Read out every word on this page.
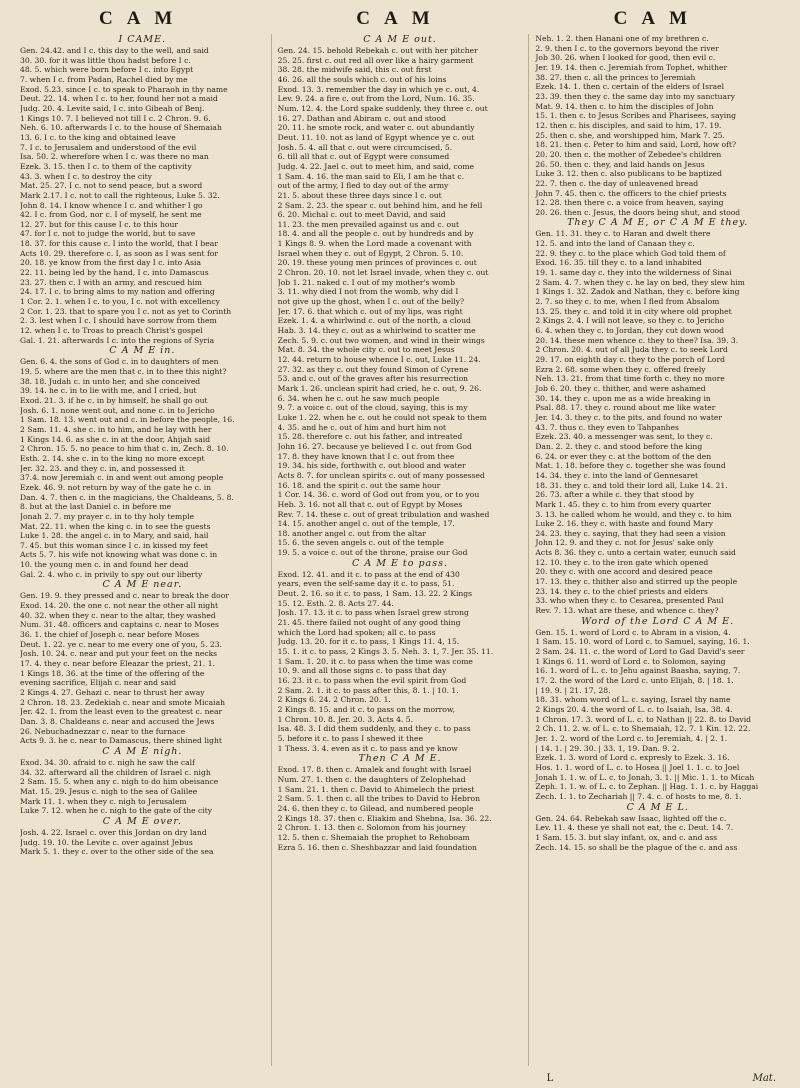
CAM	CAM	CAM
I CAME.
Gen. 24.42. and I c. this day to the well, and said
30. 30. for it was little thou hadst before I c.
48. 5. which were born before I c. into Egypt
7. when I c. from Padan, Rachel died by me
Exod. 5.23. since I c. to speak to Pharaoh in thy name
Deut. 22. 14. when I c. to her, found her not a maid
Judg. 20. 4. Levite said, I c. into Gibeah of Benj.
1 Kings 10. 7. I believed not till I c. 2 Chron. 9. 6.
Neh. 6. 10. afterwards I c. to the house of Shemaiah
13. 6. I c. to the king and obtained leave
7. I c. to Jerusalem and understood of the evil
Isa. 50. 2. wherefore when I c. was there no man
Ezek. 3. 15. then I c. to them of the captivity
43. 3. when I c. to destroy the city
Mat. 25. 27. I c. not to send peace, but a sword
Mark 2.17. I c. not to call the righteous, Luke 5. 32.
John 8. 14. I know whence I c. and whither I go
42. I c. from God, nor c. I of myself, he sent me
12. 27. but for this cause I c. to this hour
47. for I c. not to judge the world, but to save
18. 37. for this cause c. I into the world, that I bear
Acts 10. 29. therefore c. I, as soon as I was sent for
20. 18. ye know from the first day I c. into Asia
22. 11. being led by the hand, I c. into Damascus
23. 27. then c. I with an army, and rescued him
24. 17. I c. to bring alms to my nation and offering
1 Cor. 2. 1. when I c. to you, I c. not with excellency
2 Cor. 1. 23. that to spare you I c. not as yet to Corinth
2. 3. lest when I c. I should have sorrow from them
12. when I c. to Troas to preach Christ's gospel
Gal. 1. 21. afterwards I c. into the regions of Syria
C A M E in.
Gen. 6. 4. the sons of God c. in to daughters of men
19. 5. where are the men that c. in to thee this night?
38. 18. Judah c. in unto her, and she conceived
39. 14. he c. in to lie with me, and I cried, but
Exod. 21. 3. if he c. in by himself, he shall go out
Josh. 6. 1. none went out, and none c. in to Jericho
1 Sam. 18. 13. went out and c. in before the people, 16.
2 Sam. 11. 4. she c. in to him, and he lay with her
1 Kings 14. 6. as she c. in at the door, Ahijah said
2 Chron. 15. 5. no peace to him that c. in, Zech. 8. 10.
Esth. 2. 14. she c. in to the king no more except
Jer. 32. 23. and they c. in, and possessed it
37.4. now Jeremiah c. in and went out among people
Ezek. 46. 9. not return by way of the gate he c. in
Dan. 4. 7. then c. in the magicians, the Chaldeans, 5. 8.
8. but at the last Daniel c. in before me
Jonah 2. 7. my prayer c. in to thy holy temple
Mat. 22. 11. when the king c. in to see the guests
Luke 1. 28. the angel c. in to Mary, and said, hail
7. 45. but this woman since I c. in kissed my feet
Acts 5. 7. his wife not knowing what was done c. in
10. the young men c. in and found her dead
Gal. 2. 4. who c. in privily to spy out our liberty
C A M E near.
Gen. 19. 9. they pressed and c. near to break the door
Exod. 14. 20. the one c. not near the other all night
40. 32. when they c. near to the altar, they washed
Num. 31. 48. officers and captains c. near to Moses
36. 1. the chief of Joseph c. near before Moses
Deut. 1. 22. ye c. near to me every one of you, 5. 23.
Josh. 10. 24. c. near and put your feet on the necks
17. 4. they c. near before Eleazar the priest, 21. 1.
1 Kings 18. 36. at the time of the offering of the
evening sacrifice, Elijah c. near and said
2 Kings 4. 27. Gehazi c. near to thrust her away
2 Chron. 18. 23. Zedekiah c. near and smote Micaiah
Jer. 42. 1. from the least even to the greatest c. near
Dan. 3. 8. Chaldeans c. near and accused the Jews
26. Nebuchadnezzar c. near to the furnace
Acts 9. 3. he c. near to Damascus, there shined light
C A M E nigh.
Exod. 34. 30. afraid to c. nigh he saw the calf
34. 32. afterward all the children of Israel c. nigh
2 Sam. 15. 5. when any c. nigh to do him obeisance
Mat. 15. 29. Jesus c. nigh to the sea of Galilee
Mark 11. 1. when they c. nigh to Jerusalem
Luke 7. 12. when he c. nigh to the gate of the city
C A M E over.
Josh. 4. 22. Israel c. over this Jordan on dry land
Judg. 19. 10. the Levite c. over against Jebus
Mark 5. 1. they c. over to the other side of the sea
C A M E out.
Gen. 24. 15. behold Rebekah c. out with her pitcher
25. 25. first c. out red all over like a hairy garment
38. 28. the midwife said, this c. out first
46. 26. all the souls which c. out of his loins
Exod. 13. 3. remember the day in which ye c. out, 4.
Lev. 9. 24. a fire c. out from the Lord, Num. 16. 35.
Num. 12. 4. the Lord spake suddenly, they three c. out
16. 27. Dathan and Abiram c. out and stood
20. 11. he smote rock, and water c. out abundantly
Deut. 11. 10. not as land of Egypt whence ye c. out
Josh. 5. 4. all that c. out were circumcised, 5.
6. till all that c. out of Egypt were consumed
Judg. 4. 22. Jael c. out to meet him, and said, come
1 Sam. 4. 16. the man said to Eli, I am he that c.
out of the army, I fled to day out of the army
21. 5. about these three days since I c. out
2 Sam. 2. 23. the spear c. out behind him, and he fell
6. 20. Michal c. out to meet David, and said
11. 23. the men prevailed against us and c. out
18. 4. and all the people c. out by hundreds and by
1 Kings 8. 9. when the Lord made a covenant with
Israel when they c. out of Egypt, 2 Chron. 5. 10.
20. 19. these young men princes of provinces c. out
2 Chron. 20. 10. not let Israel invade, when they c. out
Job 1. 21. naked c. I out of my mother's womb
3. 11. why died I not from the womb, why did I
not give up the ghost, when I c. out of the belly?
Jer. 17. 6. that which c. out of my lips, was right
Ezek. 1. 4. a whirlwind c. out of the north, a cloud
Hab. 3. 14. they c. out as a whirlwind to scatter me
Zech. 5. 9. c. out two women, and wind in their wings
Mat. 8. 34. the whole city c. out to meet Jesus
12. 44. return to house whence I c. out, Luke 11. 24.
27. 32. as they c. out they found Simon of Cyrene
53. and c. out of the graves after his resurrection
Mark 1. 26. unclean spirit had cried, he c. out, 9. 26.
6. 34. when he c. out he saw much people
9. 7. a voice c. out of the cloud, saying, this is my
Luke 1. 22. when he c. out he could not speak to them
4. 35. and he c. out of him and hurt him not
15. 28. therefore c. out his father, and intreated
John 16. 27. because ye believed I c. out from God
17. 8. they have known that I c. out from thee
19. 34. his side, forthwith c. out blood and water
Acts 8. 7. for unclean spirits c. out of many possessed
16. 18. and the spirit c. out the same hour
1 Cor. 14. 36. c. word of God out from you, or to you
Heb. 3. 16. not all that c. out of Egypt by Moses
Rev. 7. 14. these c. out of great tribulation and washed
14. 15. another angel c. out of the temple, 17.
18. another angel c. out from the altar
15. 6. the seven angels c. out of the temple
19. 5. a voice c. out of the throne, praise our God
C A M E to pass.
Exod. 12. 41. and it c. to pass at the end of 430
years, even the self-same day it c. to pass, 51.
Deut. 2. 16. so it c. to pass, 1 Sam. 13. 22. 2 Kings
15. 12. Esth. 2. 8. Acts 27. 44.
Josh. 17. 13. it c. to pass when Israel grew strong
21. 45. there failed not ought of any good thing
which the Lord had spoken; all c. to pass
Judg. 13. 20. for it c. to pass, 1 Kings 11. 4, 15.
15. 1. it c. to pass, 2 Kings 3. 5. Neh. 3. 1, 7. Jer. 35. 11.
1 Sam. 1. 20. it c. to pass when the time was come
10. 9. and all those signs c. to pass that day
16. 23. it c. to pass when the evil spirit from God
2 Sam. 2. 1. it c. to pass after this, 8. 1. | 10. 1.
2 Kings 6. 24. 2 Chron. 20. 1.
2 Kings 8. 15. and it c. to pass on the morrow,
1 Chron. 10. 8. Jer. 20. 3. Acts 4. 5.
Isa. 48. 3. I did them suddenly, and they c. to pass
5. before it c. to pass I shewed it thee
1 Thess. 3. 4. even as it c. to pass and ye know
Then C A M E.
Exod. 17. 8. then c. Amalek and fought with Israel
Num. 27. 1. then c. the daughters of Zelophehad
1 Sam. 21. 1. then c. David to Ahimelech the priest
2 Sam. 5. 1. then c. all the tribes to David to Hebron
24. 6. then they c. to Gilead, and numbered people
2 Kings 18. 37. then c. Eliakim and Shebna, Isa. 36. 22.
2 Chron. 1. 13. then c. Solomon from his journey
12. 5. then c. Shemaiah the prophet to Rehoboam
Ezra 5. 16. then c. Sheshbazzar and laid foundation
Neh. 1. 2. then Hanani one of my brethren c.
2. 9. then I c. to the governors beyond the river
Job 30. 26. when I looked for good, then evil c.
Jer. 19. 14. then c. Jeremiah from Tophet, whither
38. 27. then c. all the princes to Jeremiah
Ezek. 14. 1. then c. certain of the elders of Israel
23. 39. then they c. the same day into my sanctuary
Mat. 9. 14. then c. to him the disciples of John
15. 1. then c. to Jesus Scribes and Pharisees, saying
12. then c. his disciples, and said to him, 17. 19.
25. then c. she, and worshipped him, Mark 7. 25.
18. 21. then c. Peter to him and said, Lord, how oft?
20. 20. then c. the mother of Zebedee's children
26. 50. then c. they, and laid hands on Jesus
Luke 3. 12. then c. also publicans to be baptized
22. 7. then c. the day of unleavened bread
John 7. 45. then c. the officers to the chief priests
12. 28. then there c. a voice from heaven, saying
20. 26. then c. Jesus, the doors being shut, and stood
They C A M E, or C A M E they.
Gen. 11. 31. they c. to Haran and dwelt there
12. 5. and into the land of Canaan they c.
22. 9. they c. to the place which God told them of
Exod. 16. 35. till they c. to a land inhabited
19. 1. same day c. they into the wilderness of Sinai
2 Sam. 4. 7. when they c. he lay on bed, they slew him
1 Kings 1. 32. Zadok and Nathan, they c. before king
2. 7. so they c. to me, when I fled from Absalom
13. 25. they c. and told it in city where old prophet
2 Kings 2. 4. I will not leave, so they c. to Jericho
6. 4. when they c. to Jordan, they cut down wood
20. 14. these men whence c. they to thee? Isa. 39. 3.
2 Chron. 20. 4. out of all Juda they c. to seek Lord
29. 17. on eighth day c. they to the porch of Lord
Ezra 2. 68. some when they c. offered freely
Neh. 13. 21. from that time forth c. they no more
Job 6. 20. they c. thither, and were ashamed
30. 14. they c. upon me as a wide breaking in
Psal. 88. 17. they c. round about me like water
Jer. 14. 3. they c. to the pits, and found no water
43. 7. thus c. they even to Tahpanhes
Ezek. 23. 40. a messenger was sent, lo they c.
Dan. 2. 2. they c. and stood before the king
6. 24. or ever they c. at the bottom of the den
Mat. 1. 18. before they c. together she was found
14. 34. they c. into the land of Gennesaret
18. 31. they c. and told their lord all, Luke 14. 21.
26. 73. after a while c. they that stood by
Mark 1. 45. they c. to him from every quarter
3. 13. he called whom he would, and they c. to him
Luke 2. 16. they c. with haste and found Mary
24. 23. they c. saying, that they had seen a vision
John 12. 9. and they c. not for Jesus' sake only
Acts 8. 36. they c. unto a certain water, eunuch said
12. 10. they c. to the iron gate which opened
20. they c. with one accord and desired peace
17. 13. they c. thither also and stirred up the people
23. 14. they c. to the chief priests and elders
33. who when they c. to Cesarea, presented Paul
Rev. 7. 13. what are these, and whence c. they?
Word of the Lord C A M E.
Gen. 15. 1. word of Lord c. to Abram in a vision, 4.
1 Sam. 15. 10. word of Lord c. to Samuel, saying, 16. 1.
2 Sam. 24. 11. c. the word of Lord to Gad David's seer
1 Kings 6. 11. word of Lord c. to Solomon, saying
16. 1. word of L. c. to Jehu against Baasha, saying, 7.
17. 2. the word of the Lord c. unto Elijah, 8. | 18. 1.
| 19. 9. | 21. 17, 28.
18. 31. whom word of L. c. saying, Israel thy name
2 Kings 20. 4. the word of L. c. to Isaiah, Isa. 38. 4.
1 Chron. 17. 3. word of L. c. to Nathan || 22. 8. to David
2 Ch. 11. 2. w. of L. c. to Shemaiah, 12. 7. 1 Kin. 12. 22.
Jer. 1. 2. word of the Lord c. to Jeremiah, 4. | 2. 1.
| 14. 1. | 29. 30. | 33. 1, 19. Dan. 9. 2.
Ezek. 1. 3. word of Lord c. expresly to Ezek. 3. 16.
Hos. 1. 1. word of L. c. to Hosea || Joel 1. 1. c. to Joel
Jonah 1. 1. w. of L. c. to Jonah, 3. 1. || Mic. 1. 1. to Micah
Zeph. 1. 1. w. of L. c. to Zephan. || Hag. 1. 1. c. by Haggai
Zech. 1. 1. to Zechariah || 7. 4. c. of hosts to me, 8. 1.
C A M E L.
Gen. 24. 64. Rebekah saw Isaac, lighted off the c.
Lev. 11. 4. these ye shall not eat, the c. Deut. 14. 7.
1 Sam. 15. 3. but slay infant, ox, and c. and ass
Zech. 14. 15. so shall be the plague of the c. and ass
L	Mat.
